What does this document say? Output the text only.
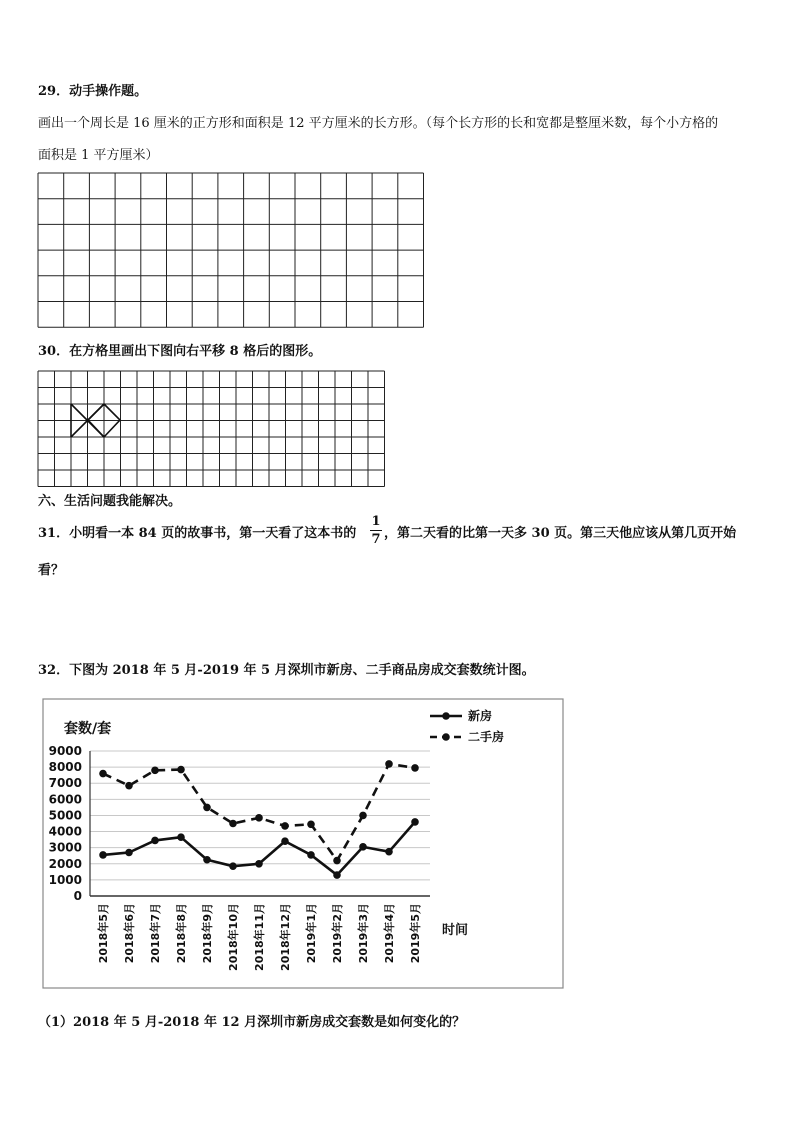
29．动手操作题。
画出一个周长是 16 厘米的正方形和面积是 12 平方厘米的长方形。（每个长方形的长和宽都是整厘米数，每个小方格的
面积是 1 平方厘米）
30．在方格里画出下图向右平移 8 格后的图形。
六、生活问题我能解决。
31．小明看一本 84 页的故事书，第一天看了这本书的
1
7 ，第二天看的比第一天多 30 页。第三天他应该从第几页开始
看？
32．下图为 2018 年 5 月-2019 年 5 月深圳市新房、二手商品房成交套数统计图。
套数/套
时间
9000
8000
7000
6000
5000
4000
3000
2000
1000
0
2018年5月 2018年6月 2018年7月 2018年8月 2018年9月 2018年10月 2018年11月 2018年12月 2019年1月 2019年2月 2019年3月 2019年4月 2019年5月
新房
二手房
（1）2018 年 5 月-2018 年 12 月深圳市新房成交套数是如何变化的？
